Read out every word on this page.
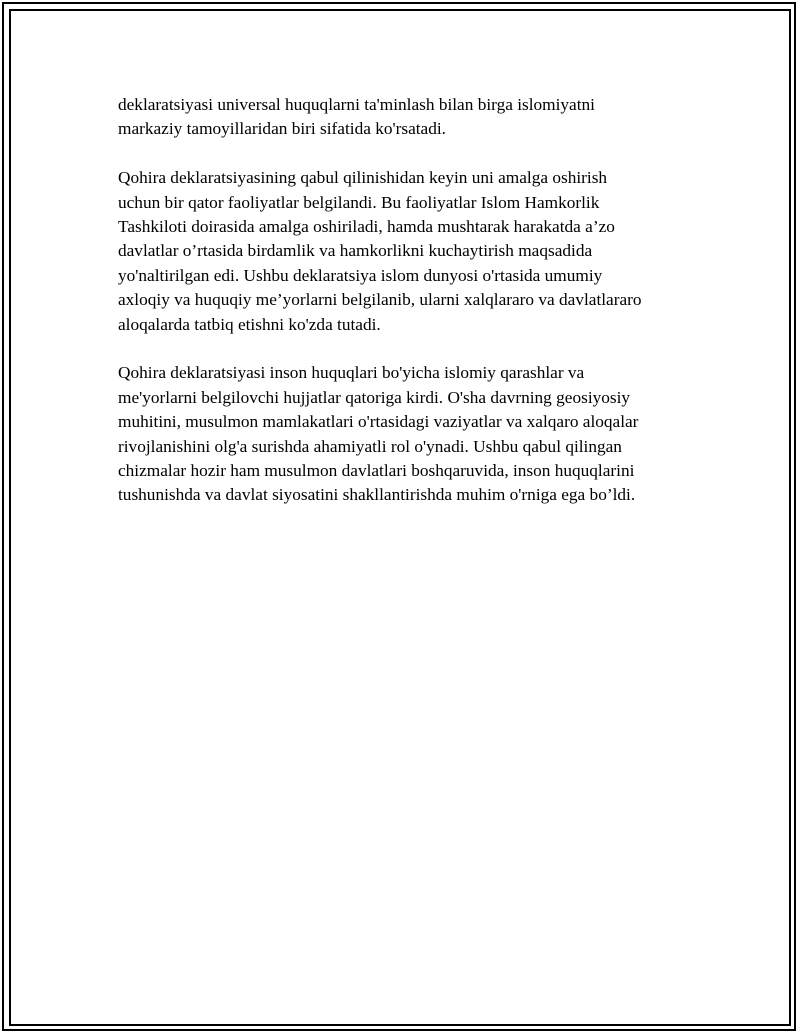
deklaratsiyasi universal huquqlarni ta'minlash bilan birga islomiyatni
markaziy tamoyillaridan biri sifatida ko'rsatadi.

Qohira deklaratsiyasining qabul qilinishidan keyin uni amalga oshirish
uchun bir qator faoliyatlar belgilandi. Bu faoliyatlar Islom Hamkorlik
Tashkiloti doirasida amalga oshiriladi, hamda mushtarak harakatda a’zo
davlatlar o’rtasida birdamlik va hamkorlikni kuchaytirish maqsadida
yo'naltirilgan edi. Ushbu deklaratsiya islom dunyosi o'rtasida umumiy
axloqiy va huquqiy me’yorlarni belgilanib, ularni xalqlararo va davlatlararo
aloqalarda tatbiq etishni ko'zda tutadi.

Qohira deklaratsiyasi inson huquqlari bo'yicha islomiy qarashlar va
me'yorlarni belgilovchi hujjatlar qatoriga kirdi. O'sha davrning geosiyosiy
muhitini, musulmon mamlakatlari o'rtasidagi vaziyatlar va xalqaro aloqalar
rivojlanishini olg'a surishda ahamiyatli rol o'ynadi. Ushbu qabul qilingan
chizmalar hozir ham musulmon davlatlari boshqaruvida, inson huquqlarini
tushunishda va davlat siyosatini shakllantirishda muhim o'rniga ega bo’ldi.
